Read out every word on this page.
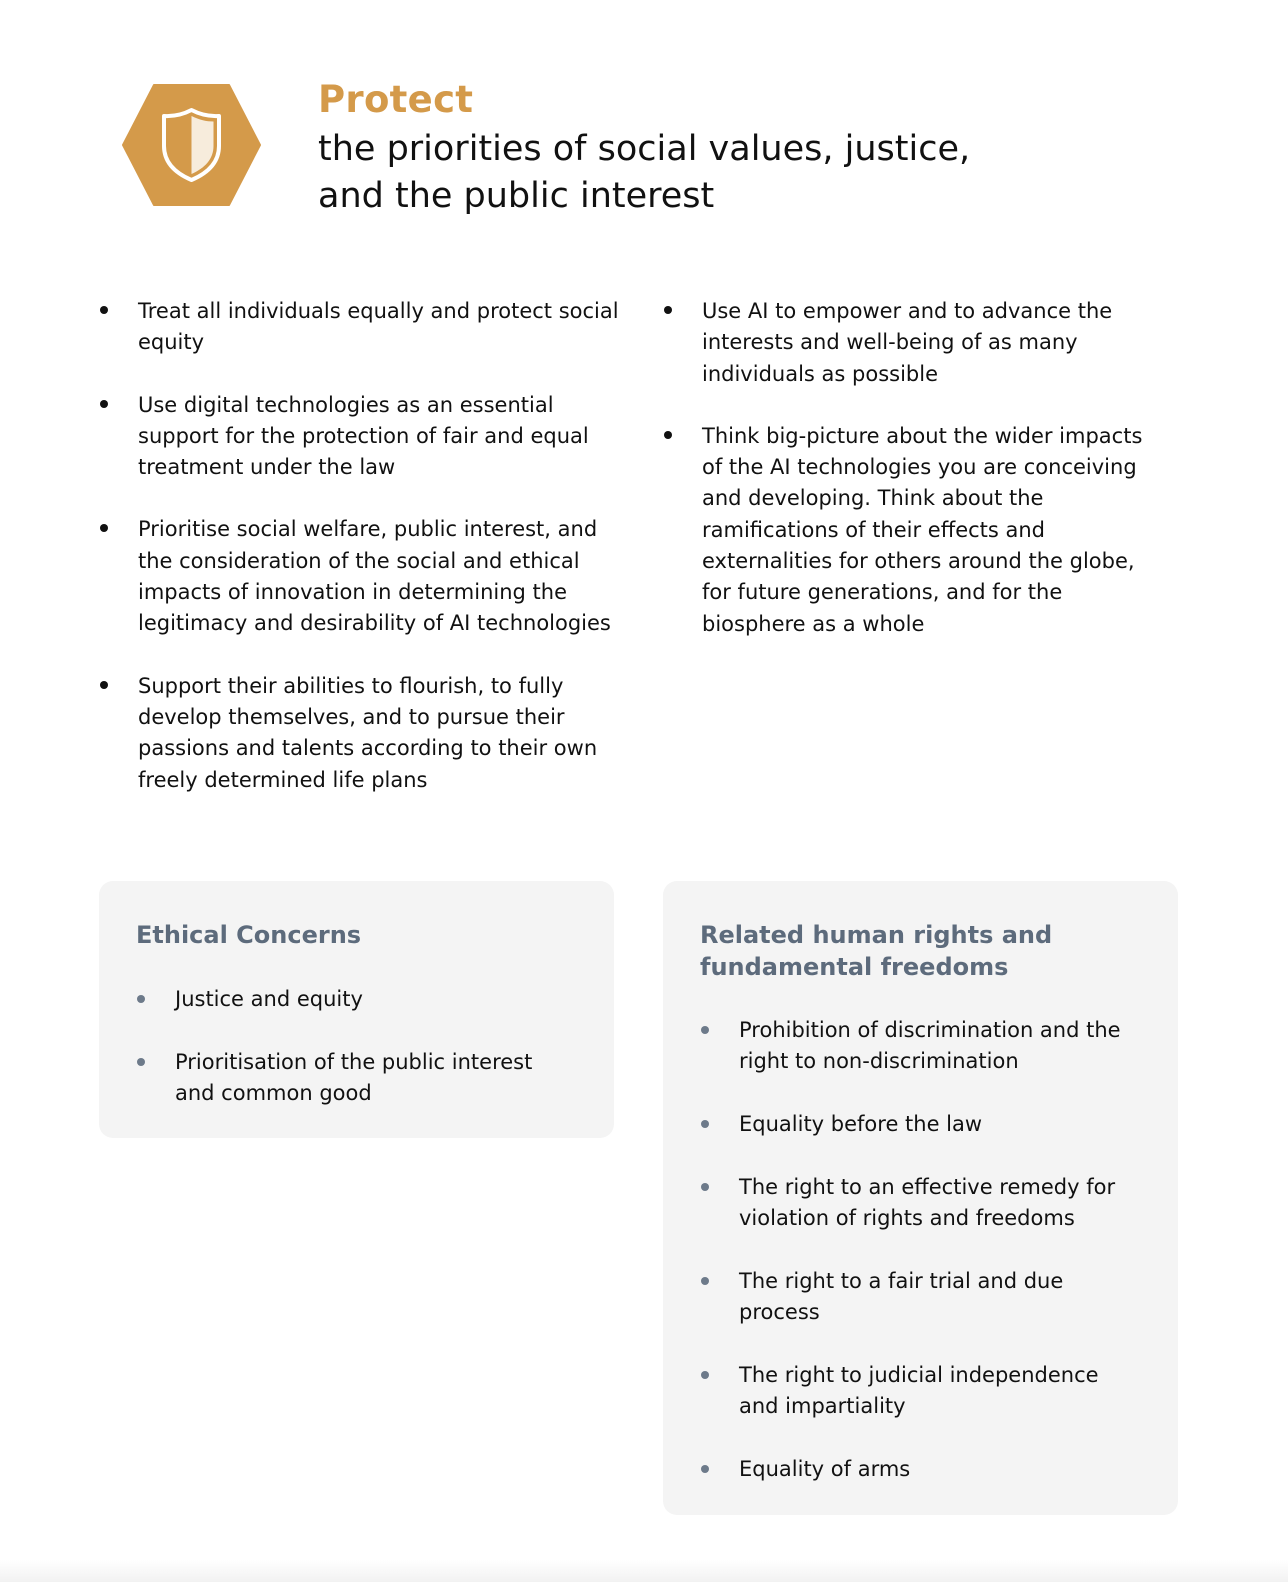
Protect
the priorities of social values, justice,
and the public interest
Treat all individuals equally and protect social equity
Use digital technologies as an essential support for the protection of fair and equal treatment under the law
Prioritise social welfare, public interest, and the consideration of the social and ethical impacts of innovation in determining the legitimacy and desirability of AI technologies
Support their abilities to flourish, to fully develop themselves, and to pursue their passions and talents according to their own freely determined life plans
Use AI to empower and to advance the interests and well-being of as many individuals as possible
Think big-picture about the wider impacts of the AI technologies you are conceiving and developing. Think about the ramifications of their effects and externalities for others around the globe, for future generations, and for the biosphere as a whole
Ethical Concerns
Justice and equity
Prioritisation of the public interest and common good
Related human rights and
fundamental freedoms
Prohibition of discrimination and the right to non-discrimination
Equality before the law
The right to an effective remedy for violation of rights and freedoms
The right to a fair trial and due process
The right to judicial independence and impartiality
Equality of arms
